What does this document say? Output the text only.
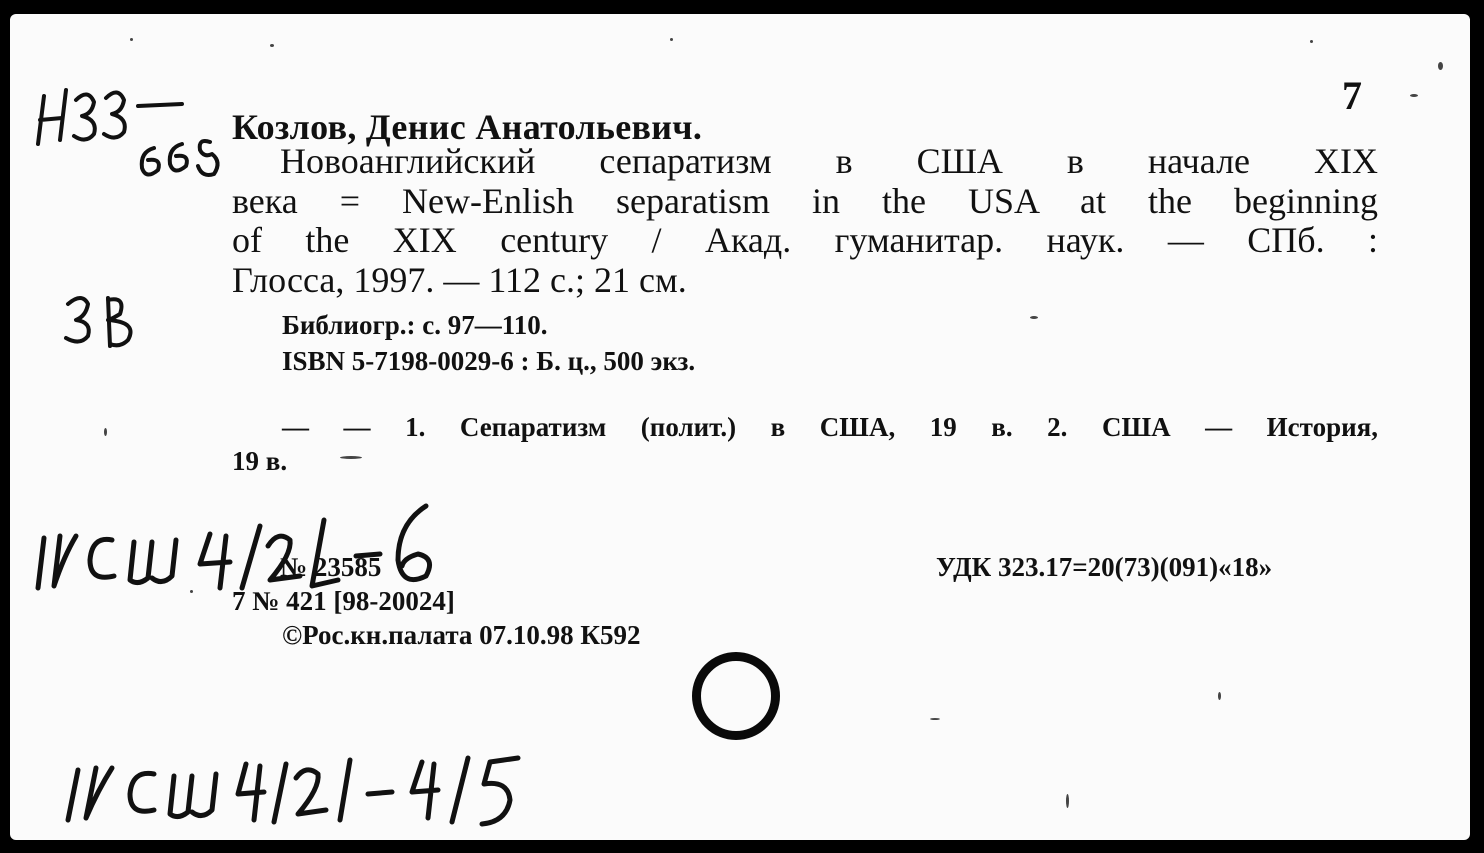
7
Козлов, Денис Анатольевич.
Новоанглийский сепаратизм в США в начале XIX
века = New-Enlish separatism in the USA at the beginning
of the XIX century / Акад. гуманитар. наук. — СПб. :
Глосса, 1997. — 112 с.; 21 см.
Библиогр.: с. 97—110.
ISBN 5-7198-0029-6 : Б. ц., 500 экз.
— — 1. Сепаратизм (полит.) в США, 19 в. 2. США — История,
19 в.
№ 23585	УДК 323.17=20(73)(091)«18»
7 № 421 [98-20024]
©Рос.кн.палата 07.10.98 К592
